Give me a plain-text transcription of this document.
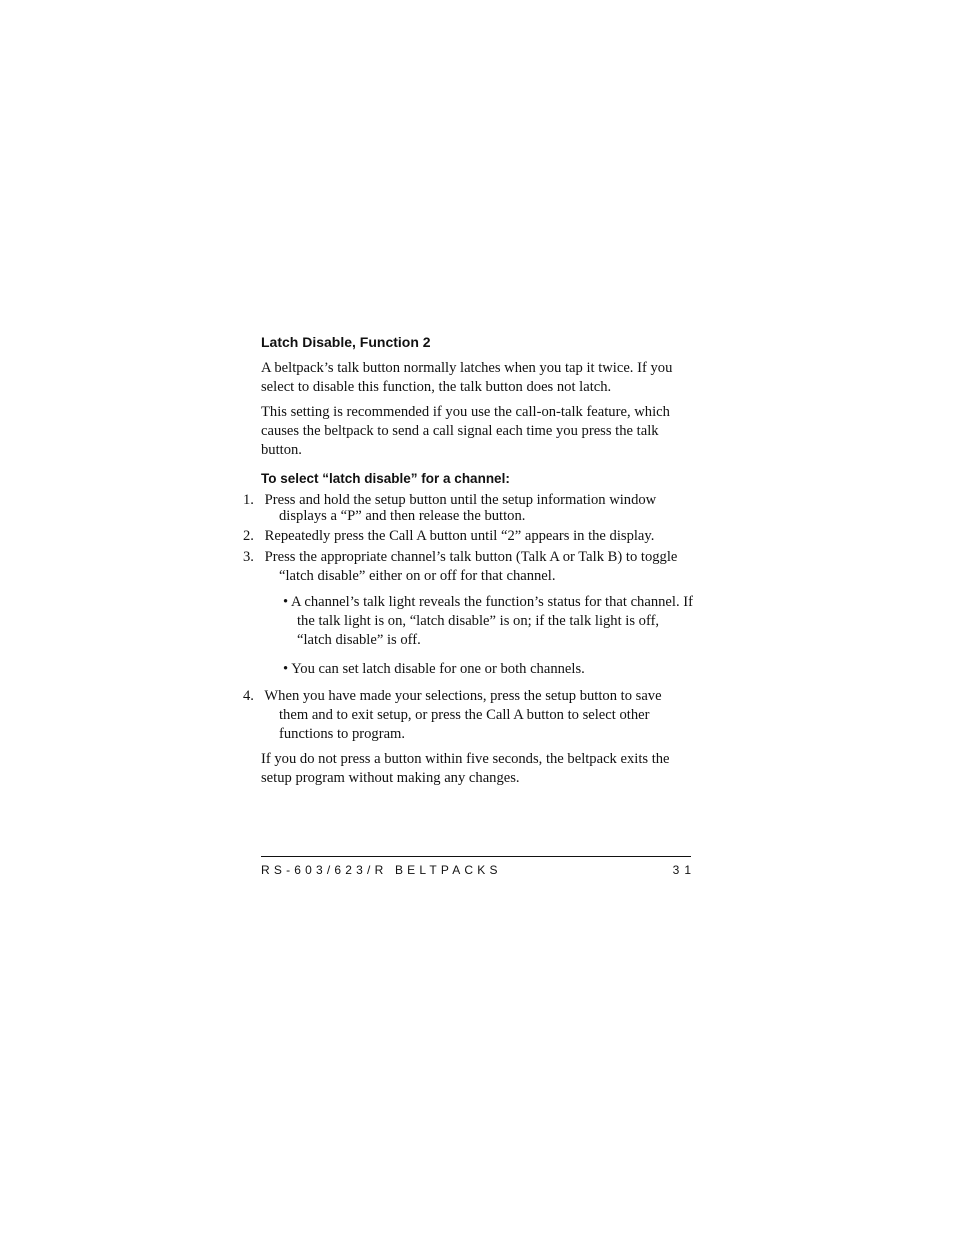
Latch Disable, Function 2

A beltpack’s talk button normally latches when you tap it twice. If you select to disable this function, the talk button does not latch.

This setting is recommended if you use the call-on-talk feature, which causes the beltpack to send a call signal each time you press the talk button.

To select “latch disable” for a channel:

1. Press and hold the setup button until the setup information window displays a “P” and then release the button.

2. Repeatedly press the Call A button until “2” appears in the display.

3. Press the appropriate channel’s talk button (Talk A or Talk B) to toggle “latch disable” either on or off for that channel.

• A channel’s talk light reveals the function’s status for that channel. If the talk light is on, “latch disable” is on; if the talk light is off, “latch disable” is off.

• You can set latch disable for one or both channels.

4. When you have made your selections, press the setup button to save them and to exit setup, or press the Call A button to select other functions to program.

If you do not press a button within five seconds, the beltpack exits the setup program without making any changes.

RS-603/623/R BELTPACKS	31
